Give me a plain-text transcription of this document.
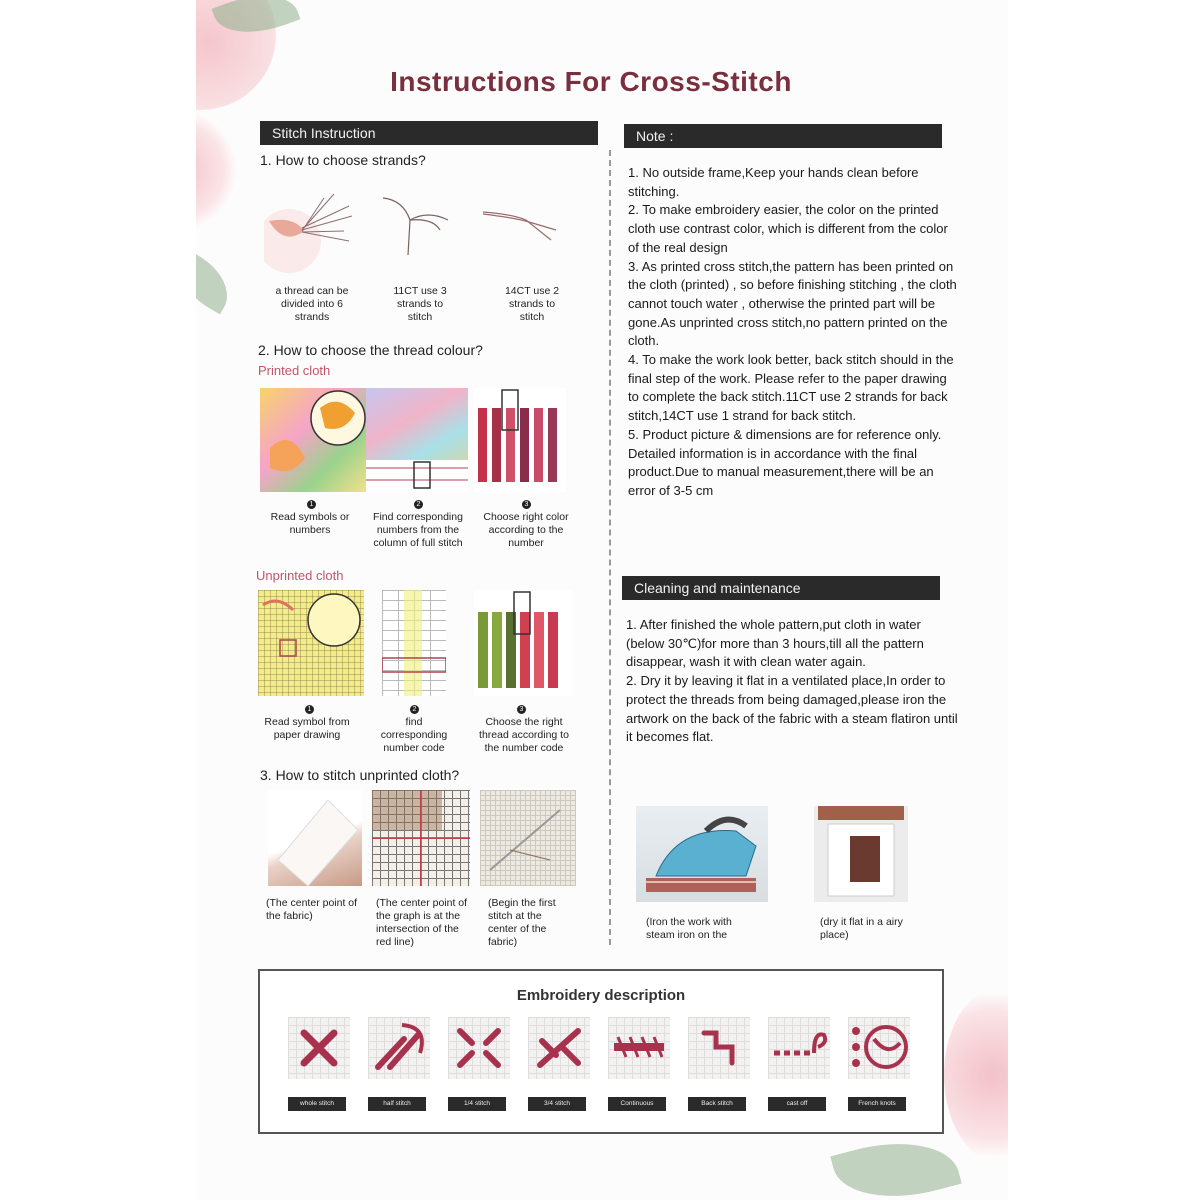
Instructions For Cross-Stitch
Stitch Instruction
1. How to choose strands?
a thread can be divided into 6 strands
11CT use 3 strands to stitch
14CT use 2 strands to stitch
2. How to choose the thread colour?
Printed cloth
1	2	3
Read symbols or numbers
Find corresponding numbers from the column of full stitch
Choose right color according to the number
Unprinted cloth
1	2	3
Read symbol from paper drawing
find corresponding number code
Choose the right thread according to the number code
3. How to stitch unprinted cloth?
(The center point of the fabric)
(The center point of the graph is at the intersection of the red line)
(Begin the first stitch at the center of the fabric)
Note :

1. No outside frame,Keep your hands clean before stitching.

2. To make embroidery easier, the color on the printed cloth use contrast color, which is different from the color of the real design

3. As printed cross stitch,the pattern has been printed on the cloth (printed) , so before finishing stitching , the cloth cannot touch water , otherwise the printed part will be gone.As unprinted cross stitch,no pattern printed on the cloth.

4. To make the work look better, back stitch should in the final step of the work. Please refer to the paper drawing to complete the back stitch.11CT use 2 strands for back stitch,14CT use 1 strand for back stitch.

5. Product picture & dimensions are for reference only. Detailed information is in accordance with the final product.Due to manual measurement,there will be an error of 3-5 cm

Cleaning and maintenance

1. After finished the whole pattern,put cloth in water (below 30℃)for more than 3 hours,till all the pattern disappear, wash it with clean water again.

2. Dry it by leaving it flat in a ventilated place,In order to protect the threads from being damaged,please iron the artwork on the back of the fabric with a steam flatiron until it becomes flat.

(Iron the work with steam iron on the
(dry it flat in a airy place)
Embroidery description
whole stitch	half stitch	1/4 stitch	3/4 stitch	Continuous	Back stitch	cast off	French knots
